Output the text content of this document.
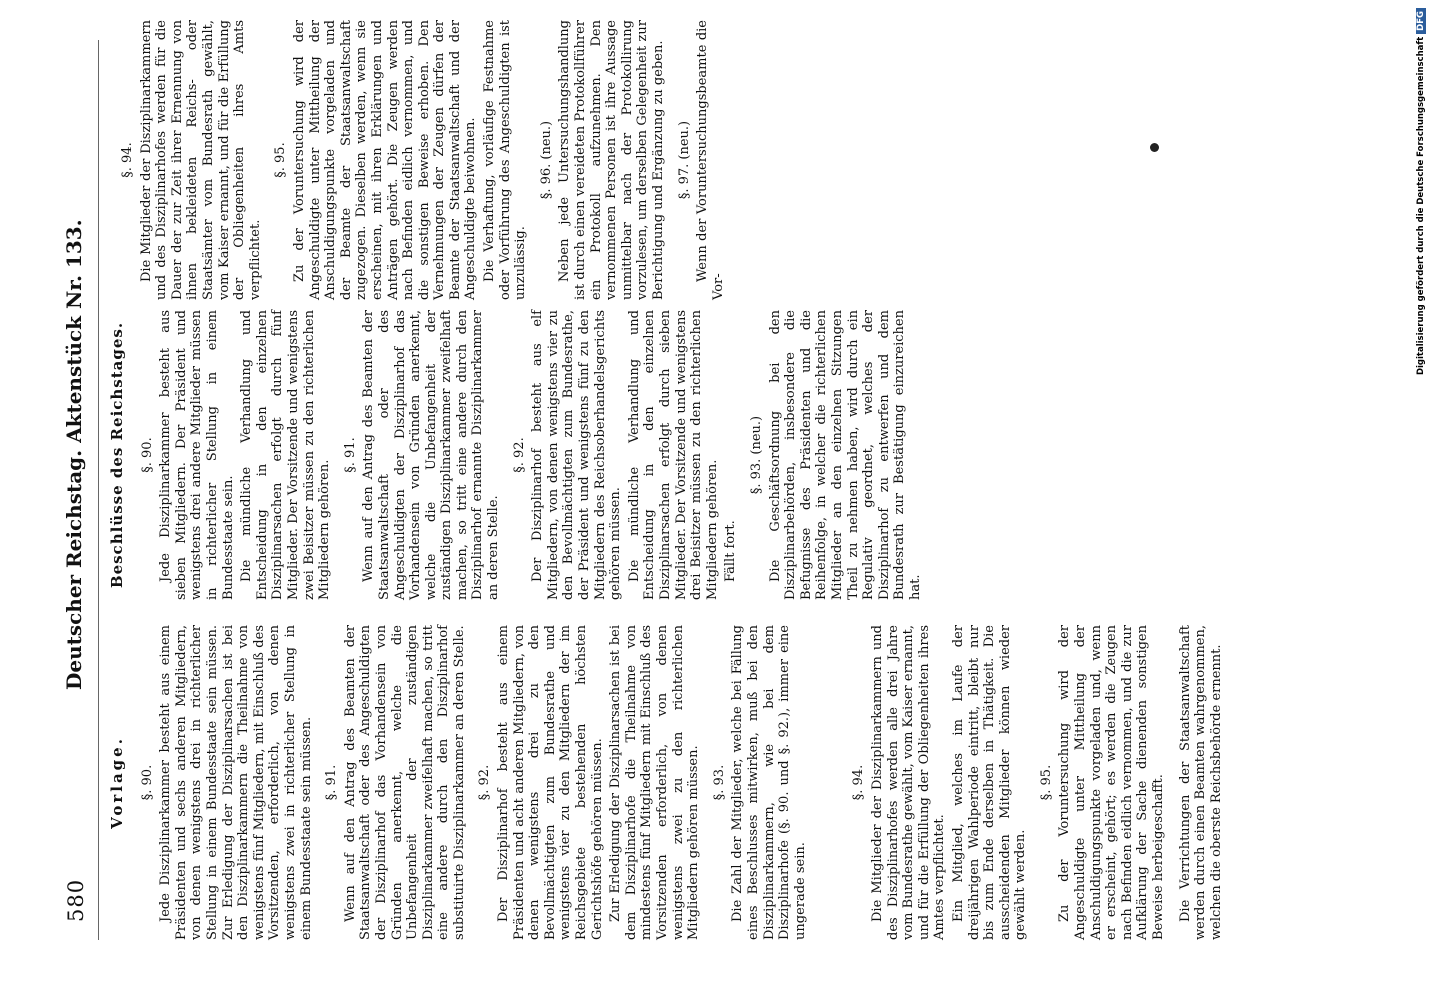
580
Deutscher Reichstag. Aktenstück Nr. 133.
Vorlage. §. 90. Jede Disziplinarkammer besteht aus einem Präsidenten und sechs anderen Mitgliedern, von denen wenigstens drei in richterlicher Stellung in einem Bundesstaate sein müssen. Zur Erledigung der Disziplinarsachen ist bei den Disziplinarkammern die Theilnahme von wenigstens fünf Mitgliedern, mit Einschluß des Vorsitzenden, erforderlich, von denen wenigstens zwei in richterlicher Stellung in einem Bundesstaate sein müssen. §. 91. Wenn auf den Antrag des Beamten der Staatsanwaltschaft oder des Angeschuldigten der Disziplinarhof das Vorhandensein von Gründen anerkennt, welche die Unbefangenheit der zuständigen Disziplinarkammer zweifelhaft machen, so tritt eine andere durch den Disziplinarhof substituirte Disziplinarkammer an deren Stelle. §. 92. Der Disziplinarhof besteht aus einem Präsidenten und acht anderen Mitgliedern, von denen wenigstens drei zu den Bevollmächtigten zum Bundesrathe und wenigstens vier zu den Mitgliedern der im Reichsgebiete bestehenden höchsten Gerichtshöfe gehören müssen. Zur Erledigung der Disziplinarsachen ist bei dem Disziplinarhofe die Theilnahme von mindestens fünf Mitgliedern mit Einschluß des Vorsitzenden erforderlich, von denen wenigstens zwei zu den richterlichen Mitgliedern gehören müssen. §. 93. Die Zahl der Mitglieder, welche bei Fällung eines Beschlusses mitwirken, muß bei den Disziplinarkammern, wie bei dem Disziplinarhofe (§. 90. und §. 92.), immer eine ungerade sein.

§. 94. Die Mitglieder der Disziplinarkammern und des Disziplinarhofes werden alle drei Jahre vom Bundesrathe gewählt, vom Kaiser ernannt, und für die Erfüllung der Obliegenheiten ihres Amtes verpflichtet. Ein Mitglied, welches im Laufe der dreijährigen Wahlperiode eintritt, bleibt nur bis zum Ende derselben in Thätigkeit. Die ausscheidenden Mitglieder können wieder gewählt werden.

§. 95. Zu der Voruntersuchung wird der Angeschuldigte unter Mittheilung der Anschuldigungspunkte vorgeladen und, wenn er erscheint, gehört; es werden die Zeugen nach Befinden eidlich vernommen, und die zur Aufklärung der Sache dienenden sonstigen Beweise herbeigeschafft. Die Verrichtungen der Staatsanwaltschaft werden durch einen Beamten wahrgenommen, welchen die oberste Reichsbehörde ernennt.

Beschlüsse des Reichstages. §. 90. Jede Disziplinarkammer besteht aus sieben Mitgliedern. Der Präsident und wenigstens drei andere Mitglieder müssen in richterlicher Stellung in einem Bundesstaate sein. Die mündliche Verhandlung und Entscheidung in den einzelnen Disziplinarsachen erfolgt durch fünf Mitglieder. Der Vorsitzende und wenigstens zwei Beisitzer müssen zu den richterlichen Mitgliedern gehören.

§. 91. Wenn auf den Antrag des Beamten der Staatsanwaltschaft oder des Angeschuldigten der Disziplinarhof das Vorhandensein von Gründen anerkennt, welche die Unbefangenheit der zuständigen Disziplinarkammer zweifelhaft machen, so tritt eine andere durch den Disziplinarhof ernannte Disziplinarkammer an deren Stelle.

§. 92. Der Disziplinarhof besteht aus elf Mitgliedern, von denen wenigstens vier zu den Bevollmächtigten zum Bundesrathe, der Präsident und wenigstens fünf zu den Mitgliedern des Reichsoberhandelsgerichts gehören müssen. Die mündliche Verhandlung und Entscheidung in den einzelnen Disziplinarsachen erfolgt durch sieben Mitglieder. Der Vorsitzende und wenigstens drei Beisitzer müssen zu den richterlichen Mitgliedern gehören. Fällt fort.

§. 93. (neu.) Die Geschäftsordnung bei den Disziplinarbehörden, insbesondere die Befugnisse des Präsidenten und die Reihenfolge, in welcher die richterlichen Mitglieder an den einzelnen Sitzungen Theil zu nehmen haben, wird durch ein Regulativ geordnet, welches der Disziplinarhof zu entwerfen und dem Bundesrath zur Bestätigung einzureichen hat.

§. 94. Die Mitglieder der Disziplinarkammern und des Disziplinarhofes werden für die Dauer der zur Zeit ihrer Ernennung von ihnen bekleideten Reichs- oder Staatsämter vom Bundesrath gewählt, vom Kaiser ernannt, und für die Erfüllung der Obliegenheiten ihres Amts verpflichtet.

§. 95. Zu der Voruntersuchung wird der Angeschuldigte unter Mittheilung der Anschuldigungspunkte vorgeladen und der Beamte der Staatsanwaltschaft zugezogen. Dieselben werden, wenn sie erscheinen, mit ihren Erklärungen und Anträgen gehört. Die Zeugen werden nach Befinden eidlich vernommen, und die sonstigen Beweise erhoben. Den Vernehmungen der Zeugen dürfen der Beamte der Staatsanwaltschaft und der Angeschuldigte beiwohnen. Die Verhaftung, vorläufige Festnahme oder Vorführung des Angeschuldigten ist unzulässig.

§. 96. (neu.) Neben jede Untersuchungshandlung ist durch einen vereideten Protokollführer ein Protokoll aufzunehmen. Den vernommenen Personen ist ihre Aussage unmittelbar nach der Protokollirung vorzulesen, um derselben Gelegenheit zur Berichtigung und Ergänzung zu geben. §. 97. (neu.) Wenn der Voruntersuchungsbeamte die Vor-	Digitalisierung gefördert durch die Deutsche ForschungsgemeinschaftDFG
